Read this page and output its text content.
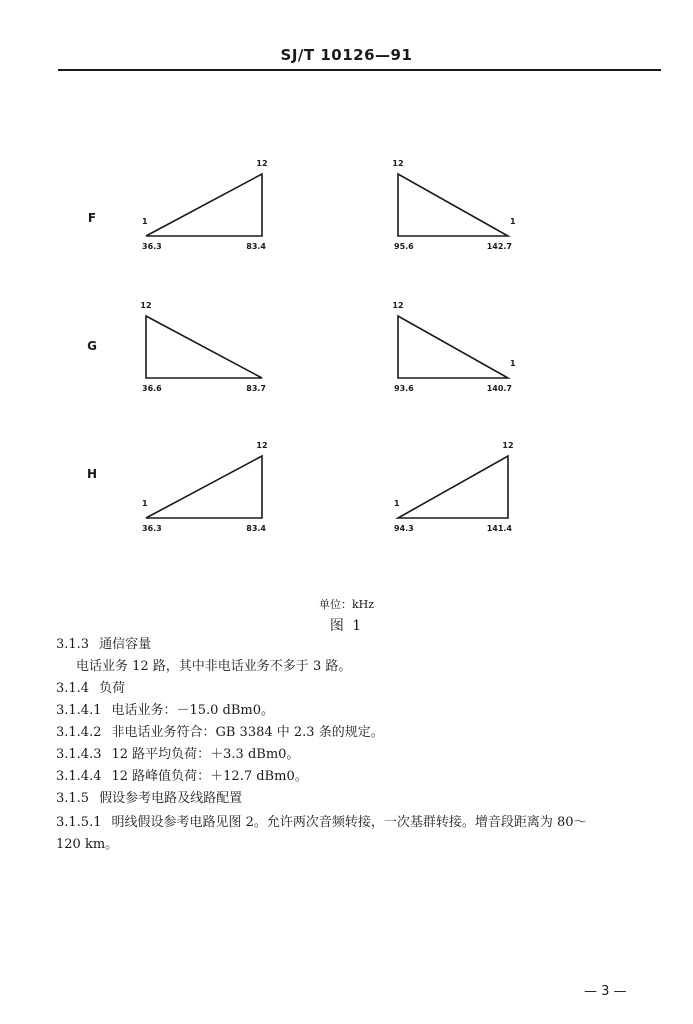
SJ/T 10126—91
F
36.3	83.4
12
1
95.6	142.7
12
1
G
36.6	83.7
12
93.6	140.7
12
1
H
36.3	83.4
12
1
94.3	141.4
12
1
单位：kHz
图 1
3.1.3 通信容量
电话业务 12 路，其中非电话业务不多于 3 路。
3.1.4 负荷
3.1.4.1 电话业务：－15.0 dBm0。
3.1.4.2 非电话业务符合：GB 3384 中 2.3 条的规定。
3.1.4.3 12 路平均负荷：＋3.3 dBm0。
3.1.4.4 12 路峰值负荷：＋12.7 dBm0。
3.1.5 假设参考电路及线路配置
3.1.5.1 明线假设参考电路见图 2。允许两次音频转接，一次基群转接。增音段距离为 80～
120 km。
— 3 —
